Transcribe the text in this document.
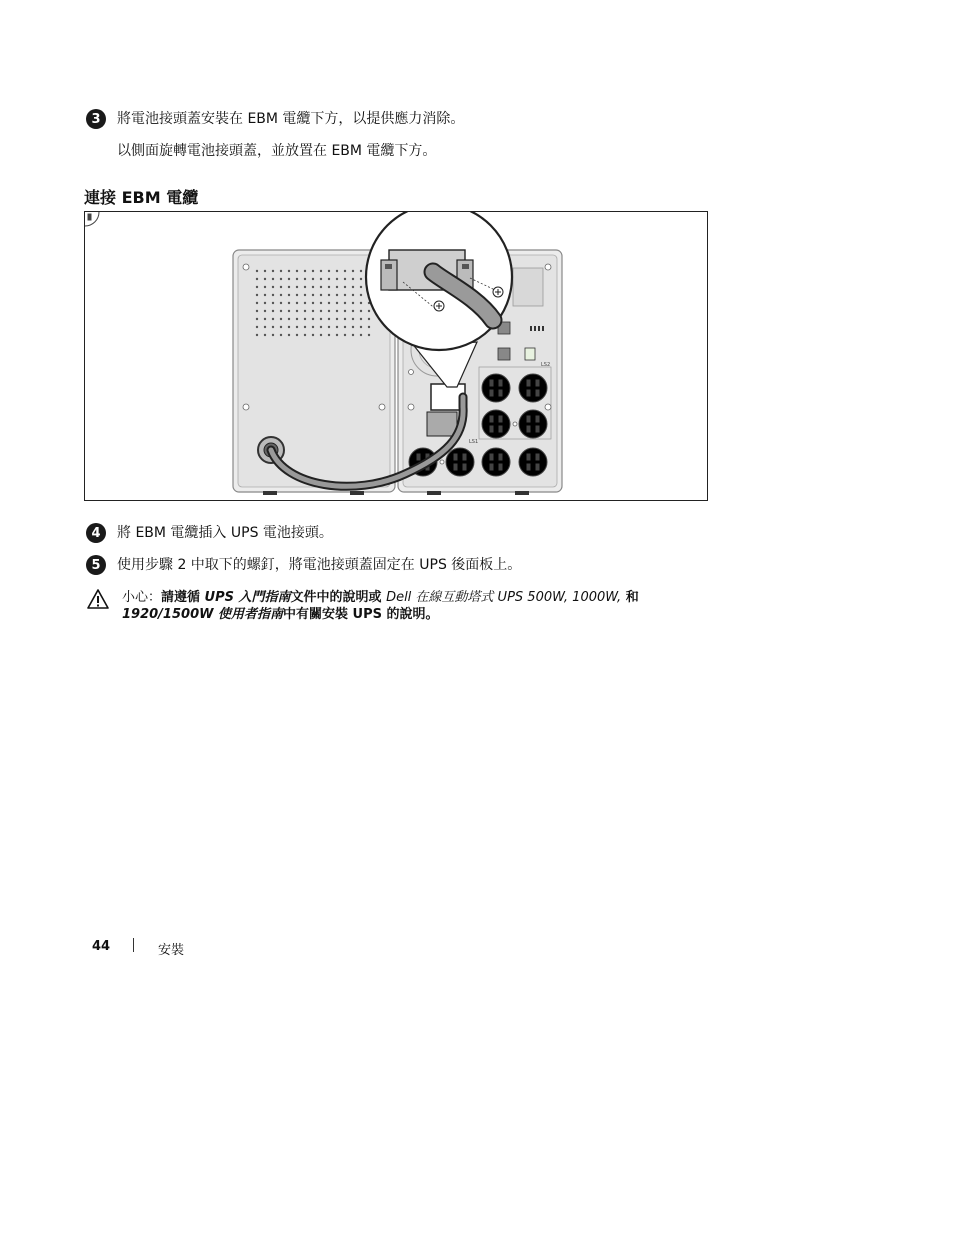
3	將電池接頭蓋安裝在 EBM 電纜下方，以提供應力消除。
以側面旋轉電池接頭蓋，並放置在 EBM 電纜下方。
連接 EBM 電纜
LS2
LS1
4	將 EBM 電纜插入 UPS 電池接頭。
5	使用步驟 2 中取下的螺釘，將電池接頭蓋固定在 UPS 後面板上。
小心：請遵循 UPS 入門指南文件中的說明或 Dell 在線互動塔式 UPS 500W, 1000W, 和
1920/1500W 使用者指南中有關安裝 UPS 的說明。
44	安裝
